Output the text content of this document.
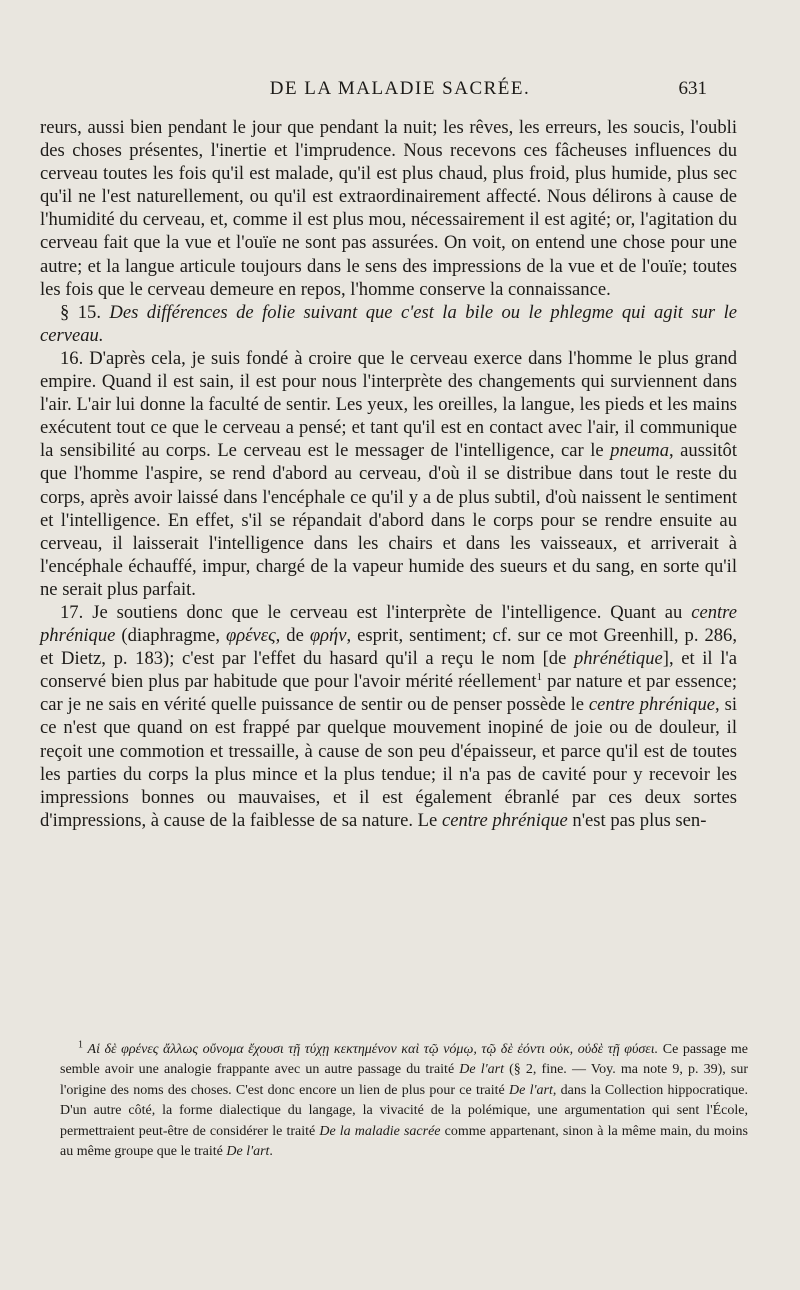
DE LA MALADIE SACRÉE.	631

reurs, aussi bien pendant le jour que pendant la nuit; les rêves, les erreurs, les soucis, l'oubli des choses présentes, l'inertie et l'imprudence. Nous recevons ces fâcheuses influences du cerveau toutes les fois qu'il est malade, qu'il est plus chaud, plus froid, plus humide, plus sec qu'il ne l'est naturellement, ou qu'il est extraordinairement affecté. Nous délirons à cause de l'humidité du cerveau, et, comme il est plus mou, nécessairement il est agité; or, l'agitation du cerveau fait que la vue et l'ouïe ne sont pas assurées. On voit, on entend une chose pour une autre; et la langue articule toujours dans le sens des impressions de la vue et de l'ouïe; toutes les fois que le cerveau demeure en repos, l'homme conserve la connaissance.

§ 15. Des différences de folie suivant que c'est la bile ou le phlegme qui agit sur le cerveau.

16. D'après cela, je suis fondé à croire que le cerveau exerce dans l'homme le plus grand empire. Quand il est sain, il est pour nous l'interprète des changements qui surviennent dans l'air. L'air lui donne la faculté de sentir. Les yeux, les oreilles, la langue, les pieds et les mains exécutent tout ce que le cerveau a pensé; et tant qu'il est en contact avec l'air, il communique la sensibilité au corps. Le cerveau est le messager de l'intelligence, car le pneuma, aussitôt que l'homme l'aspire, se rend d'abord au cerveau, d'où il se distribue dans tout le reste du corps, après avoir laissé dans l'encéphale ce qu'il y a de plus subtil, d'où naissent le sentiment et l'intelligence. En effet, s'il se répandait d'abord dans le corps pour se rendre ensuite au cerveau, il laisserait l'intelligence dans les chairs et dans les vaisseaux, et arriverait à l'encéphale échauffé, impur, chargé de la vapeur humide des sueurs et du sang, en sorte qu'il ne serait plus parfait.

17. Je soutiens donc que le cerveau est l'interprète de l'intelligence. Quant au centre phrénique (diaphragme, φρένες, de φρήν, esprit, sentiment; cf. sur ce mot Greenhill, p. 286, et Dietz, p. 183); c'est par l'effet du hasard qu'il a reçu le nom [de phrénétique], et il l'a conservé bien plus par habitude que pour l'avoir mérité réellement$^1$ par nature et par essence; car je ne sais en vérité quelle puissance de sentir ou de penser possède le centre phrénique, si ce n'est que quand on est frappé par quelque mouvement inopiné de joie ou de douleur, il reçoit une commotion et tressaille, à cause de son peu d'épaisseur, et parce qu'il est de toutes les parties du corps la plus mince et la plus tendue; il n'a pas de cavité pour y recevoir les impressions bonnes ou mauvaises, et il est également ébranlé par ces deux sortes d'impressions, à cause de la faiblesse de sa nature. Le centre phrénique n'est pas plus sen-

$^1$ Αἱ δὲ φρένες ἄλλως οὔνομα ἔχουσι τῇ τύχῃ κεκτημένον καὶ τῷ νόμῳ, τῷ δὲ ἐόντι οὐκ, οὐδὲ τῇ φύσει. Ce passage me semble avoir une analogie frappante avec un autre passage du traité De l'art (§ 2, fine. — Voy. ma note 9, p. 39), sur l'origine des noms des choses. C'est donc encore un lien de plus pour ce traité De l'art, dans la Collection hippocratique. D'un autre côté, la forme dialectique du langage, la vivacité de la polémique, une argumentation qui sent l'École, permettraient peut-être de considérer le traité De la maladie sacrée comme appartenant, sinon à la même main, du moins au même groupe que le traité De l'art.
